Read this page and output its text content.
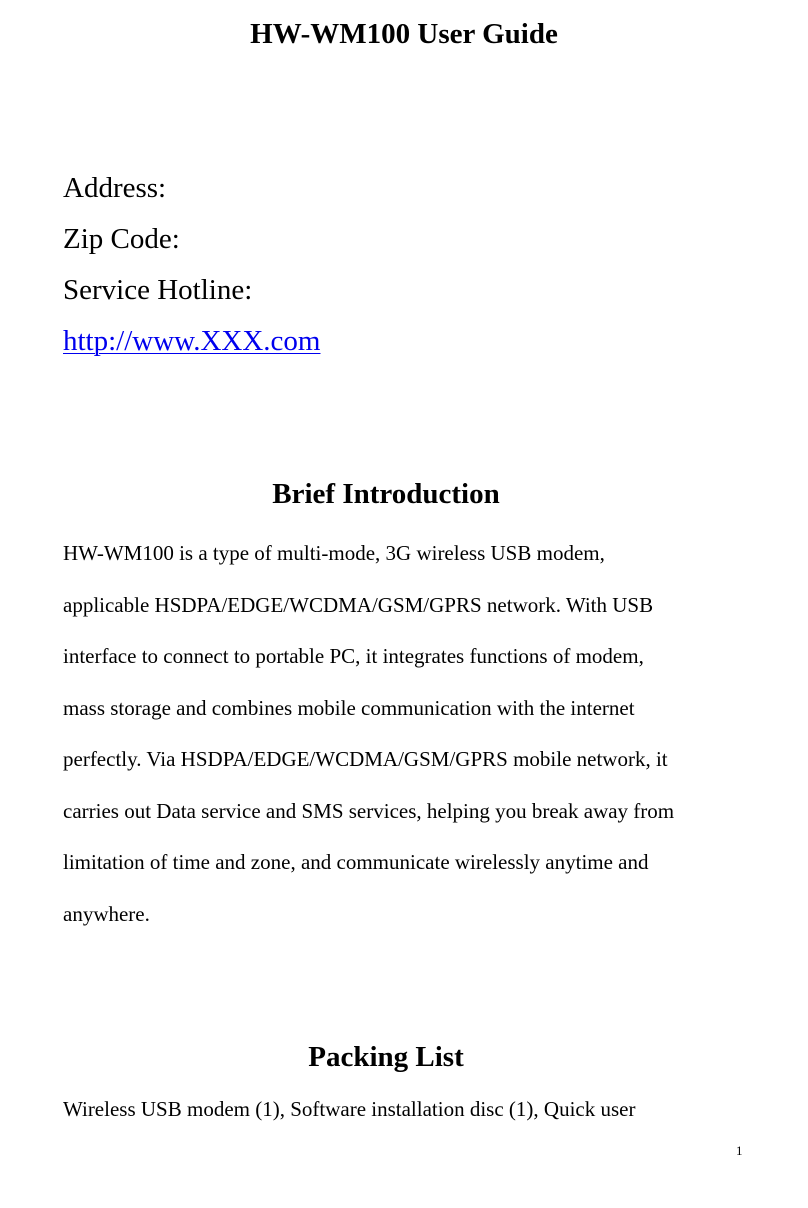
HW-WM100 User Guide
Address:
Zip Code:
Service Hotline:
http://www.XXX.com
Brief Introduction
HW-WM100 is a type of multi-mode, 3G wireless USB modem,
applicable HSDPA/EDGE/WCDMA/GSM/GPRS network. With USB
interface to connect to portable PC, it integrates functions of modem,
mass storage and combines mobile communication with the internet
perfectly. Via HSDPA/EDGE/WCDMA/GSM/GPRS mobile network, it
carries out Data service and SMS services, helping you break away from
limitation of time and zone, and communicate wirelessly anytime and
anywhere.
Packing List
Wireless USB modem (1), Software installation disc (1), Quick user
1
